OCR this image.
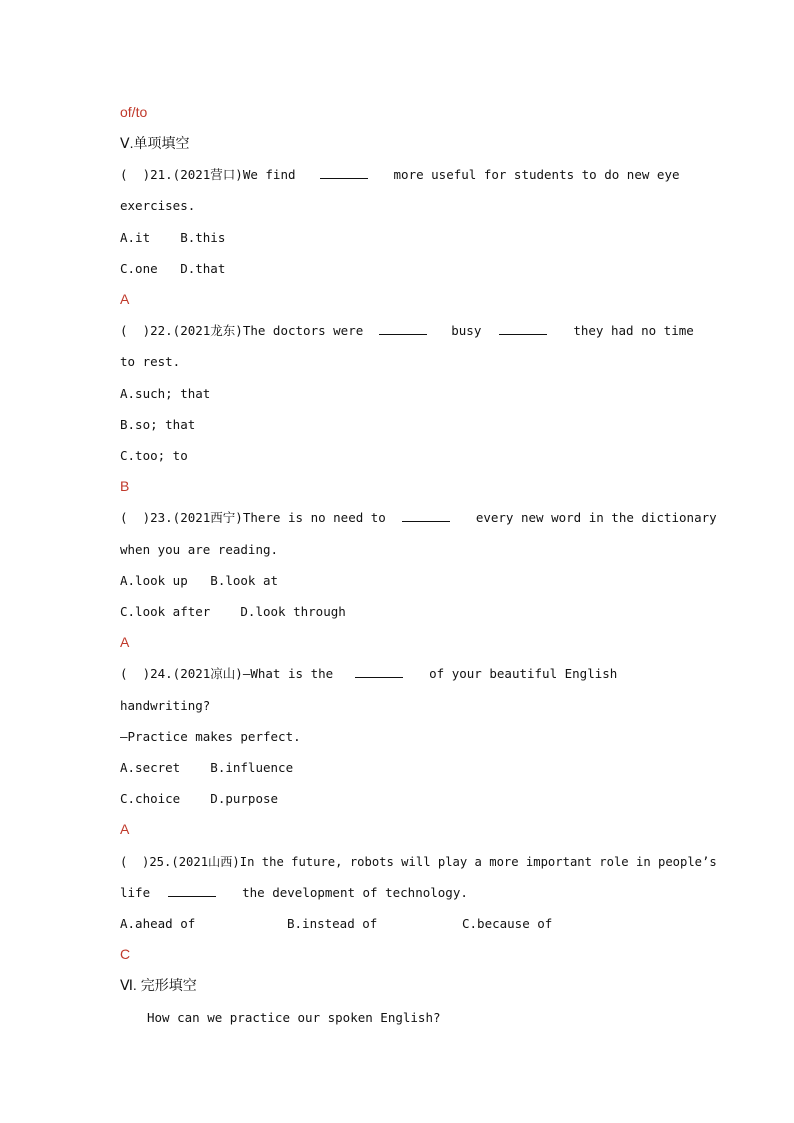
of/to
Ⅴ.单项填空
(  )21.(2021营口)We find	more useful for students to do new eye
exercises.
A.it    B.this
C.one   D.that
A
(  )22.(2021龙东)The doctors were	busy	they had no time
to rest.
A.such; that
B.so; that
C.too; to
B
(  )23.(2021西宁)There is no need to	every new word in the dictionary
when you are reading.
A.look up   B.look at
C.look after    D.look through
A
(  )24.(2021凉山)—What is the	of your beautiful English
handwriting?
—Practice makes perfect.
A.secret    B.influence
C.choice    D.purpose
A
(  )25.(2021山西)In the future, robots will play a more important role in people’s
life	the development of technology.
A.ahead of	B.instead of	C.because of
C
Ⅵ. 完形填空
How can we practice our spoken English?
